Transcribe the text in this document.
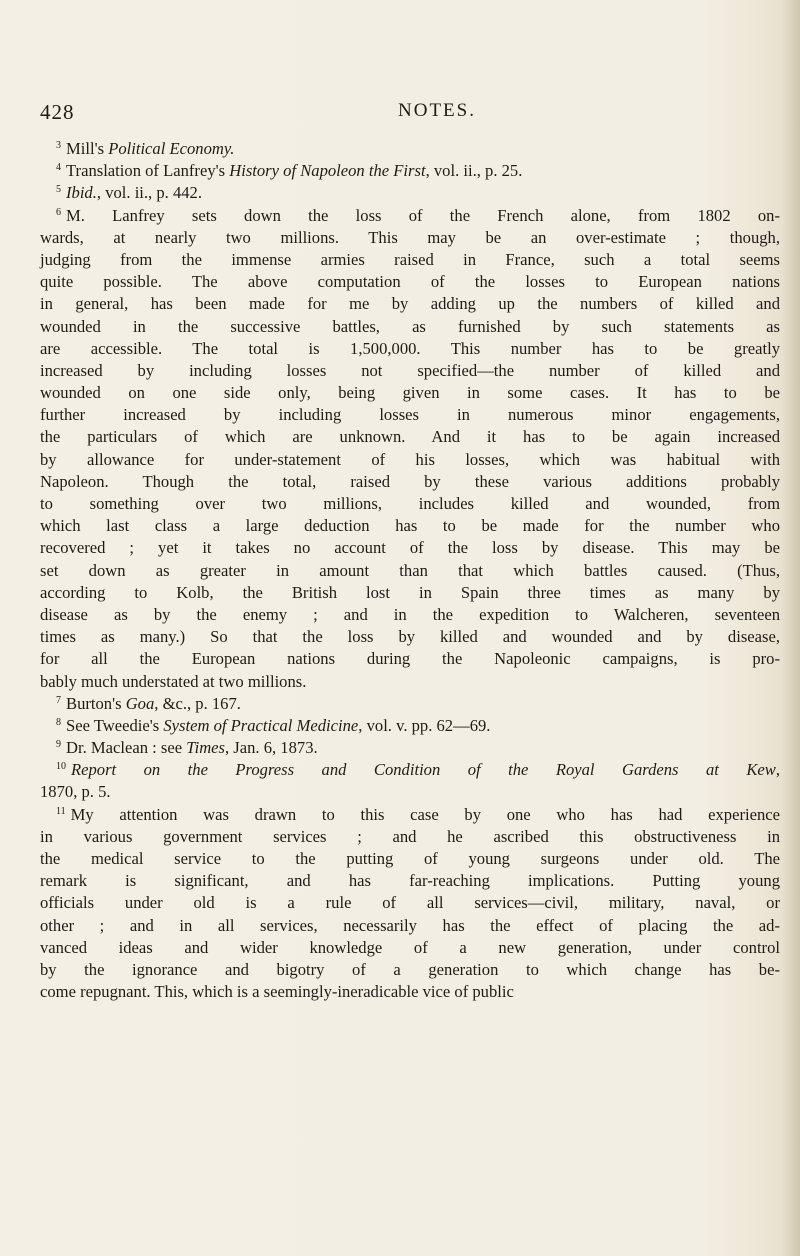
428	NOTES.
$^3$ Mill's Political Economy.
$^4$ Translation of Lanfrey's History of Napoleon the First, vol. ii., p. 25.
$^5$ Ibid., vol. ii., p. 442.
$^6$ M. Lanfrey sets down the loss of the French alone, from 1802 on-
wards, at nearly two millions. This may be an over-estimate ; though,
judging from the immense armies raised in France, such a total seems
quite possible. The above computation of the losses to European nations
in general, has been made for me by adding up the numbers of killed and
wounded in the successive battles, as furnished by such statements as
are accessible. The total is 1,500,000. This number has to be greatly
increased by including losses not specified—the number of killed and
wounded on one side only, being given in some cases. It has to be
further increased by including losses in numerous minor engagements,
the particulars of which are unknown. And it has to be again increased
by allowance for under-statement of his losses, which was habitual with
Napoleon. Though the total, raised by these various additions probably
to something over two millions, includes killed and wounded, from
which last class a large deduction has to be made for the number who
recovered ; yet it takes no account of the loss by disease. This may be
set down as greater in amount than that which battles caused. (Thus,
according to Kolb, the British lost in Spain three times as many by
disease as by the enemy ; and in the expedition to Walcheren, seventeen
times as many.) So that the loss by killed and wounded and by disease,
for all the European nations during the Napoleonic campaigns, is pro-
bably much understated at two millions.
$^7$ Burton's Goa, &c., p. 167.
$^8$ See Tweedie's System of Practical Medicine, vol. v. pp. 62—69.
$^9$ Dr. Maclean : see Times, Jan. 6, 1873.
$^{10}$ Report on the Progress and Condition of the Royal Gardens at Kew,
1870, p. 5.
$^{11}$ My attention was drawn to this case by one who has had experience
in various government services ; and he ascribed this obstructiveness in
the medical service to the putting of young surgeons under old. The
remark is significant, and has far-reaching implications. Putting young
officials under old is a rule of all services—civil, military, naval, or
other ; and in all services, necessarily has the effect of placing the ad-
vanced ideas and wider knowledge of a new generation, under control
by the ignorance and bigotry of a generation to which change has be-
come repugnant. This, which is a seemingly-ineradicable vice of public
